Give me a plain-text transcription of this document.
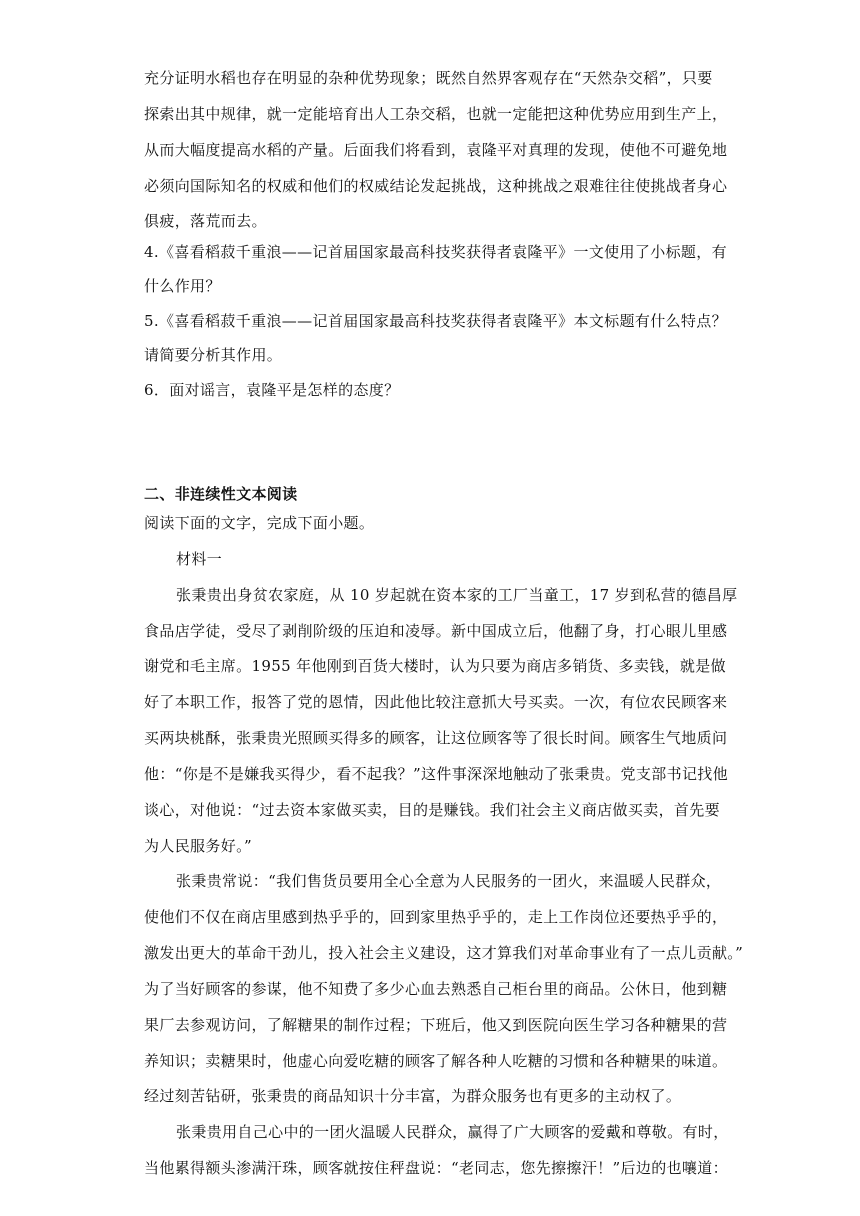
充分证明水稻也存在明显的杂种优势现象；既然自然界客观存在“天然杂交稻”，只要
探索出其中规律，就一定能培育出人工杂交稻，也就一定能把这种优势应用到生产上，
从而大幅度提高水稻的产量。后面我们将看到，袁隆平对真理的发现，使他不可避免地
必须向国际知名的权威和他们的权威结论发起挑战，这种挑战之艰难往往使挑战者身心
俱疲，落荒而去。
4.《喜看稻菽千重浪——记首届国家最高科技奖获得者袁隆平》一文使用了小标题，有
什么作用？
5.《喜看稻菽千重浪——记首届国家最高科技奖获得者袁隆平》本文标题有什么特点？
请简要分析其作用。
6．面对谣言，袁隆平是怎样的态度？
二、非连续性文本阅读
阅读下面的文字，完成下面小题。
材料一
张秉贵出身贫农家庭，从 10 岁起就在资本家的工厂当童工，17 岁到私营的德昌厚
食品店学徒，受尽了剥削阶级的压迫和凌辱。新中国成立后，他翻了身，打心眼儿里感
谢党和毛主席。1955 年他刚到百货大楼时，认为只要为商店多销货、多卖钱，就是做
好了本职工作，报答了党的恩情，因此他比较注意抓大号买卖。一次，有位农民顾客来
买两块桃酥，张秉贵光照顾买得多的顾客，让这位顾客等了很长时间。顾客生气地质问
他：“你是不是嫌我买得少，看不起我？”这件事深深地触动了张秉贵。党支部书记找他
谈心，对他说：“过去资本家做买卖，目的是赚钱。我们社会主义商店做买卖，首先要
为人民服务好。”
张秉贵常说：“我们售货员要用全心全意为人民服务的一团火，来温暖人民群众，
使他们不仅在商店里感到热乎乎的，回到家里热乎乎的，走上工作岗位还要热乎乎的，
激发出更大的革命干劲儿，投入社会主义建设，这才算我们对革命事业有了一点儿贡献。”
为了当好顾客的参谋，他不知费了多少心血去熟悉自己柜台里的商品。公休日，他到糖
果厂去参观访问，了解糖果的制作过程；下班后，他又到医院向医生学习各种糖果的营
养知识；卖糖果时，他虚心向爱吃糖的顾客了解各种人吃糖的习惯和各种糖果的味道。
经过刻苦钻研，张秉贵的商品知识十分丰富，为群众服务也有更多的主动权了。
张秉贵用自己心中的一团火温暖人民群众，赢得了广大顾客的爱戴和尊敬。有时，
当他累得额头渗满汗珠，顾客就按住秤盘说：“老同志，您先擦擦汗！”后边的也嚷道：
